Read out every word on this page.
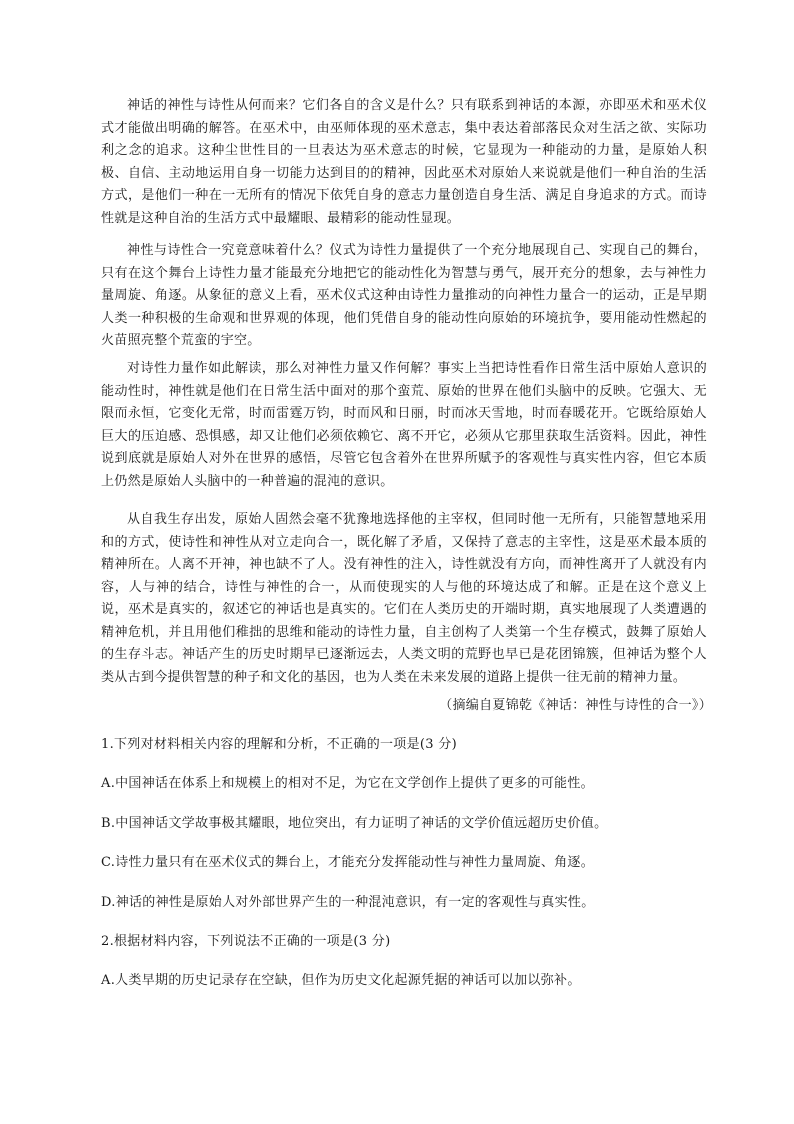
神话的神性与诗性从何而来？它们各自的含义是什么？只有联系到神话的本源，亦即巫术和巫术仪式才能做出明确的解答。在巫术中，由巫师体现的巫术意志，集中表达着部落民众对生活之欲、实际功利之念的追求。这种尘世性目的一旦表达为巫术意志的时候，它显现为一种能动的力量，是原始人积极、自信、主动地运用自身一切能力达到目的的精神，因此巫术对原始人来说就是他们一种自治的生活方式，是他们一种在一无所有的情况下依凭自身的意志力量创造自身生活、满足自身追求的方式。而诗性就是这种自治的生活方式中最耀眼、最精彩的能动性显现。

神性与诗性合一究竟意味着什么？仪式为诗性力量提供了一个充分地展现自己、实现自己的舞台，只有在这个舞台上诗性力量才能最充分地把它的能动性化为智慧与勇气，展开充分的想象，去与神性力量周旋、角逐。从象征的意义上看，巫术仪式这种由诗性力量推动的向神性力量合一的运动，正是早期人类一种积极的生命观和世界观的体现，他们凭借自身的能动性向原始的环境抗争，要用能动性燃起的火苗照亮整个荒蛮的宇空。

对诗性力量作如此解读，那么对神性力量又作何解？事实上当把诗性看作日常生活中原始人意识的能动性时，神性就是他们在日常生活中面对的那个蛮荒、原始的世界在他们头脑中的反映。它强大、无限而永恒，它变化无常，时而雷霆万钧，时而风和日丽，时而冰天雪地，时而春暖花开。它既给原始人巨大的压迫感、恐惧感，却又让他们必须依赖它、离不开它，必须从它那里获取生活资料。因此，神性说到底就是原始人对外在世界的感悟，尽管它包含着外在世界所赋予的客观性与真实性内容，但它本质上仍然是原始人头脑中的一种普遍的混沌的意识。

从自我生存出发，原始人固然会毫不犹豫地选择他的主宰权，但同时他一无所有，只能智慧地采用和的方式，使诗性和神性从对立走向合一，既化解了矛盾，又保持了意志的主宰性，这是巫术最本质的精神所在。人离不开神，神也缺不了人。没有神性的注入，诗性就没有方向，而神性离开了人就没有内容，人与神的结合，诗性与神性的合一，从而使现实的人与他的环境达成了和解。正是在这个意义上说，巫术是真实的，叙述它的神话也是真实的。它们在人类历史的开端时期，真实地展现了人类遭遇的精神危机，并且用他们稚拙的思维和能动的诗性力量，自主创构了人类第一个生存模式，鼓舞了原始人的生存斗志。神话产生的历史时期早已逐渐远去，人类文明的荒野也早已是花团锦簇，但神话为整个人类从古到今提供智慧的种子和文化的基因，也为人类在未来发展的道路上提供一往无前的精神力量。

（摘编自夏锦乾《神话：神性与诗性的合一》）
1.下列对材料相关内容的理解和分析，不正确的一项是(3 分)
A.中国神话在体系上和规模上的相对不足，为它在文学创作上提供了更多的可能性。
B.中国神话文学故事极其耀眼，地位突出，有力证明了神话的文学价值远超历史价值。
C.诗性力量只有在巫术仪式的舞台上，才能充分发挥能动性与神性力量周旋、角逐。
D.神话的神性是原始人对外部世界产生的一种混沌意识，有一定的客观性与真实性。
2.根据材料内容，下列说法不正确的一项是(3 分)
A.人类早期的历史记录存在空缺，但作为历史文化起源凭据的神话可以加以弥补。
